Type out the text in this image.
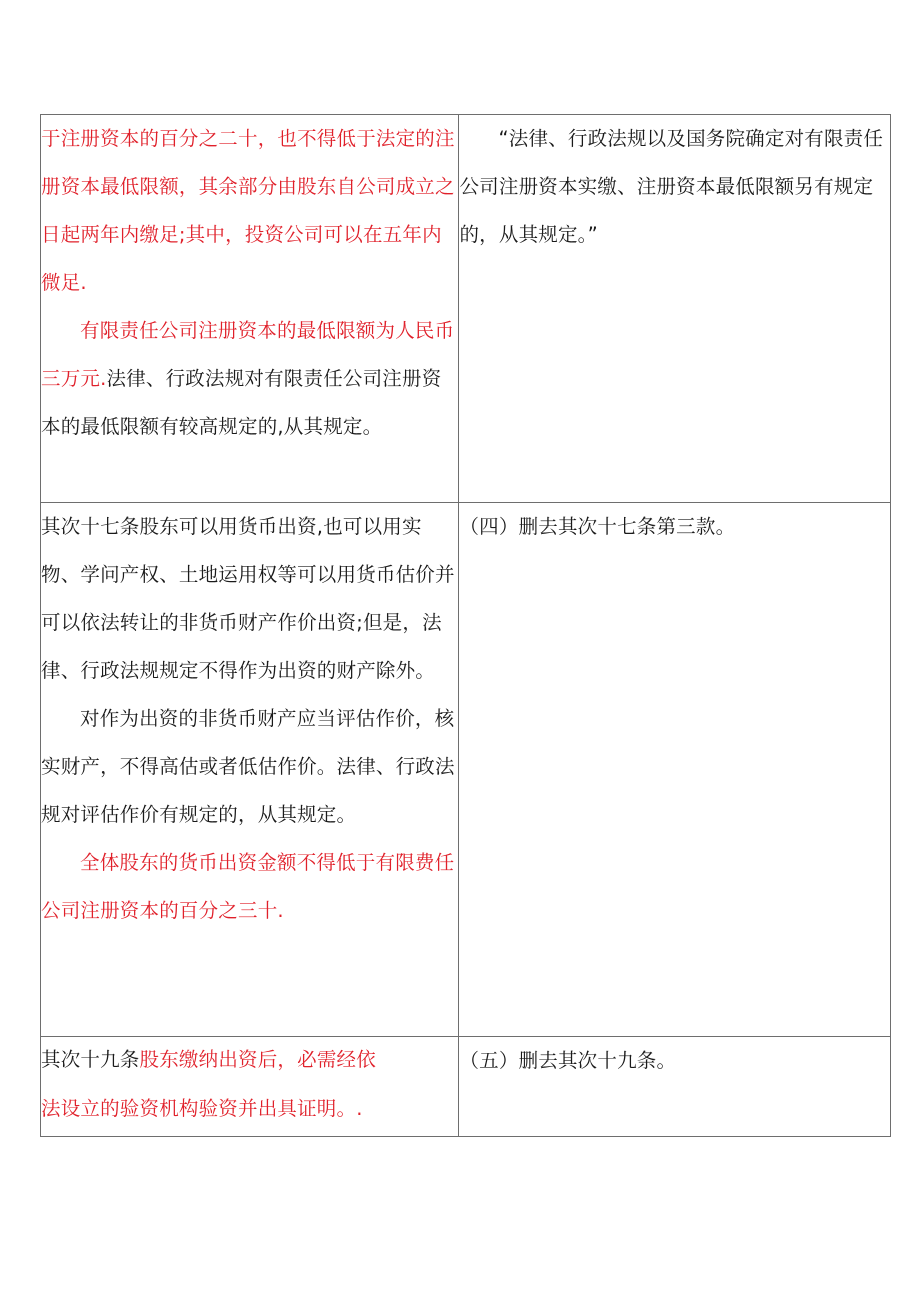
于注册资本的百分之二十，也不得低于法定的注册资本最低限额，其余部分由股东自公司成立之日起两年内缴足;其中，投资公司可以在五年内微足.

有限责任公司注册资本的最低限额为人民币三万元.法律、行政法规对有限责任公司注册资本的最低限额有较高规定的,从其规定。	“法律、行政法规以及国务院确定对有限责任公司注册资本实缴、注册资本最低限额另有规定的，从其规定。”

其次十七条股东可以用货币出资,也可以用实物、学问产权、土地运用权等可以用货币估价并可以依法转让的非货币财产作价出资;但是，法律、行政法规规定不得作为出资的财产除外。

对作为出资的非货币财产应当评估作价，核实财产，不得高估或者低估作价。法律、行政法规对评估作价有规定的，从其规定。

全体股东的货币出资金额不得低于有限费任公司注册资本的百分之三十.	（四）删去其次十七条第三款。

其次十九条股东缴纳出资后，必需经依

法设立的验资机构验资并出具证明。.	（五）删去其次十九条。
